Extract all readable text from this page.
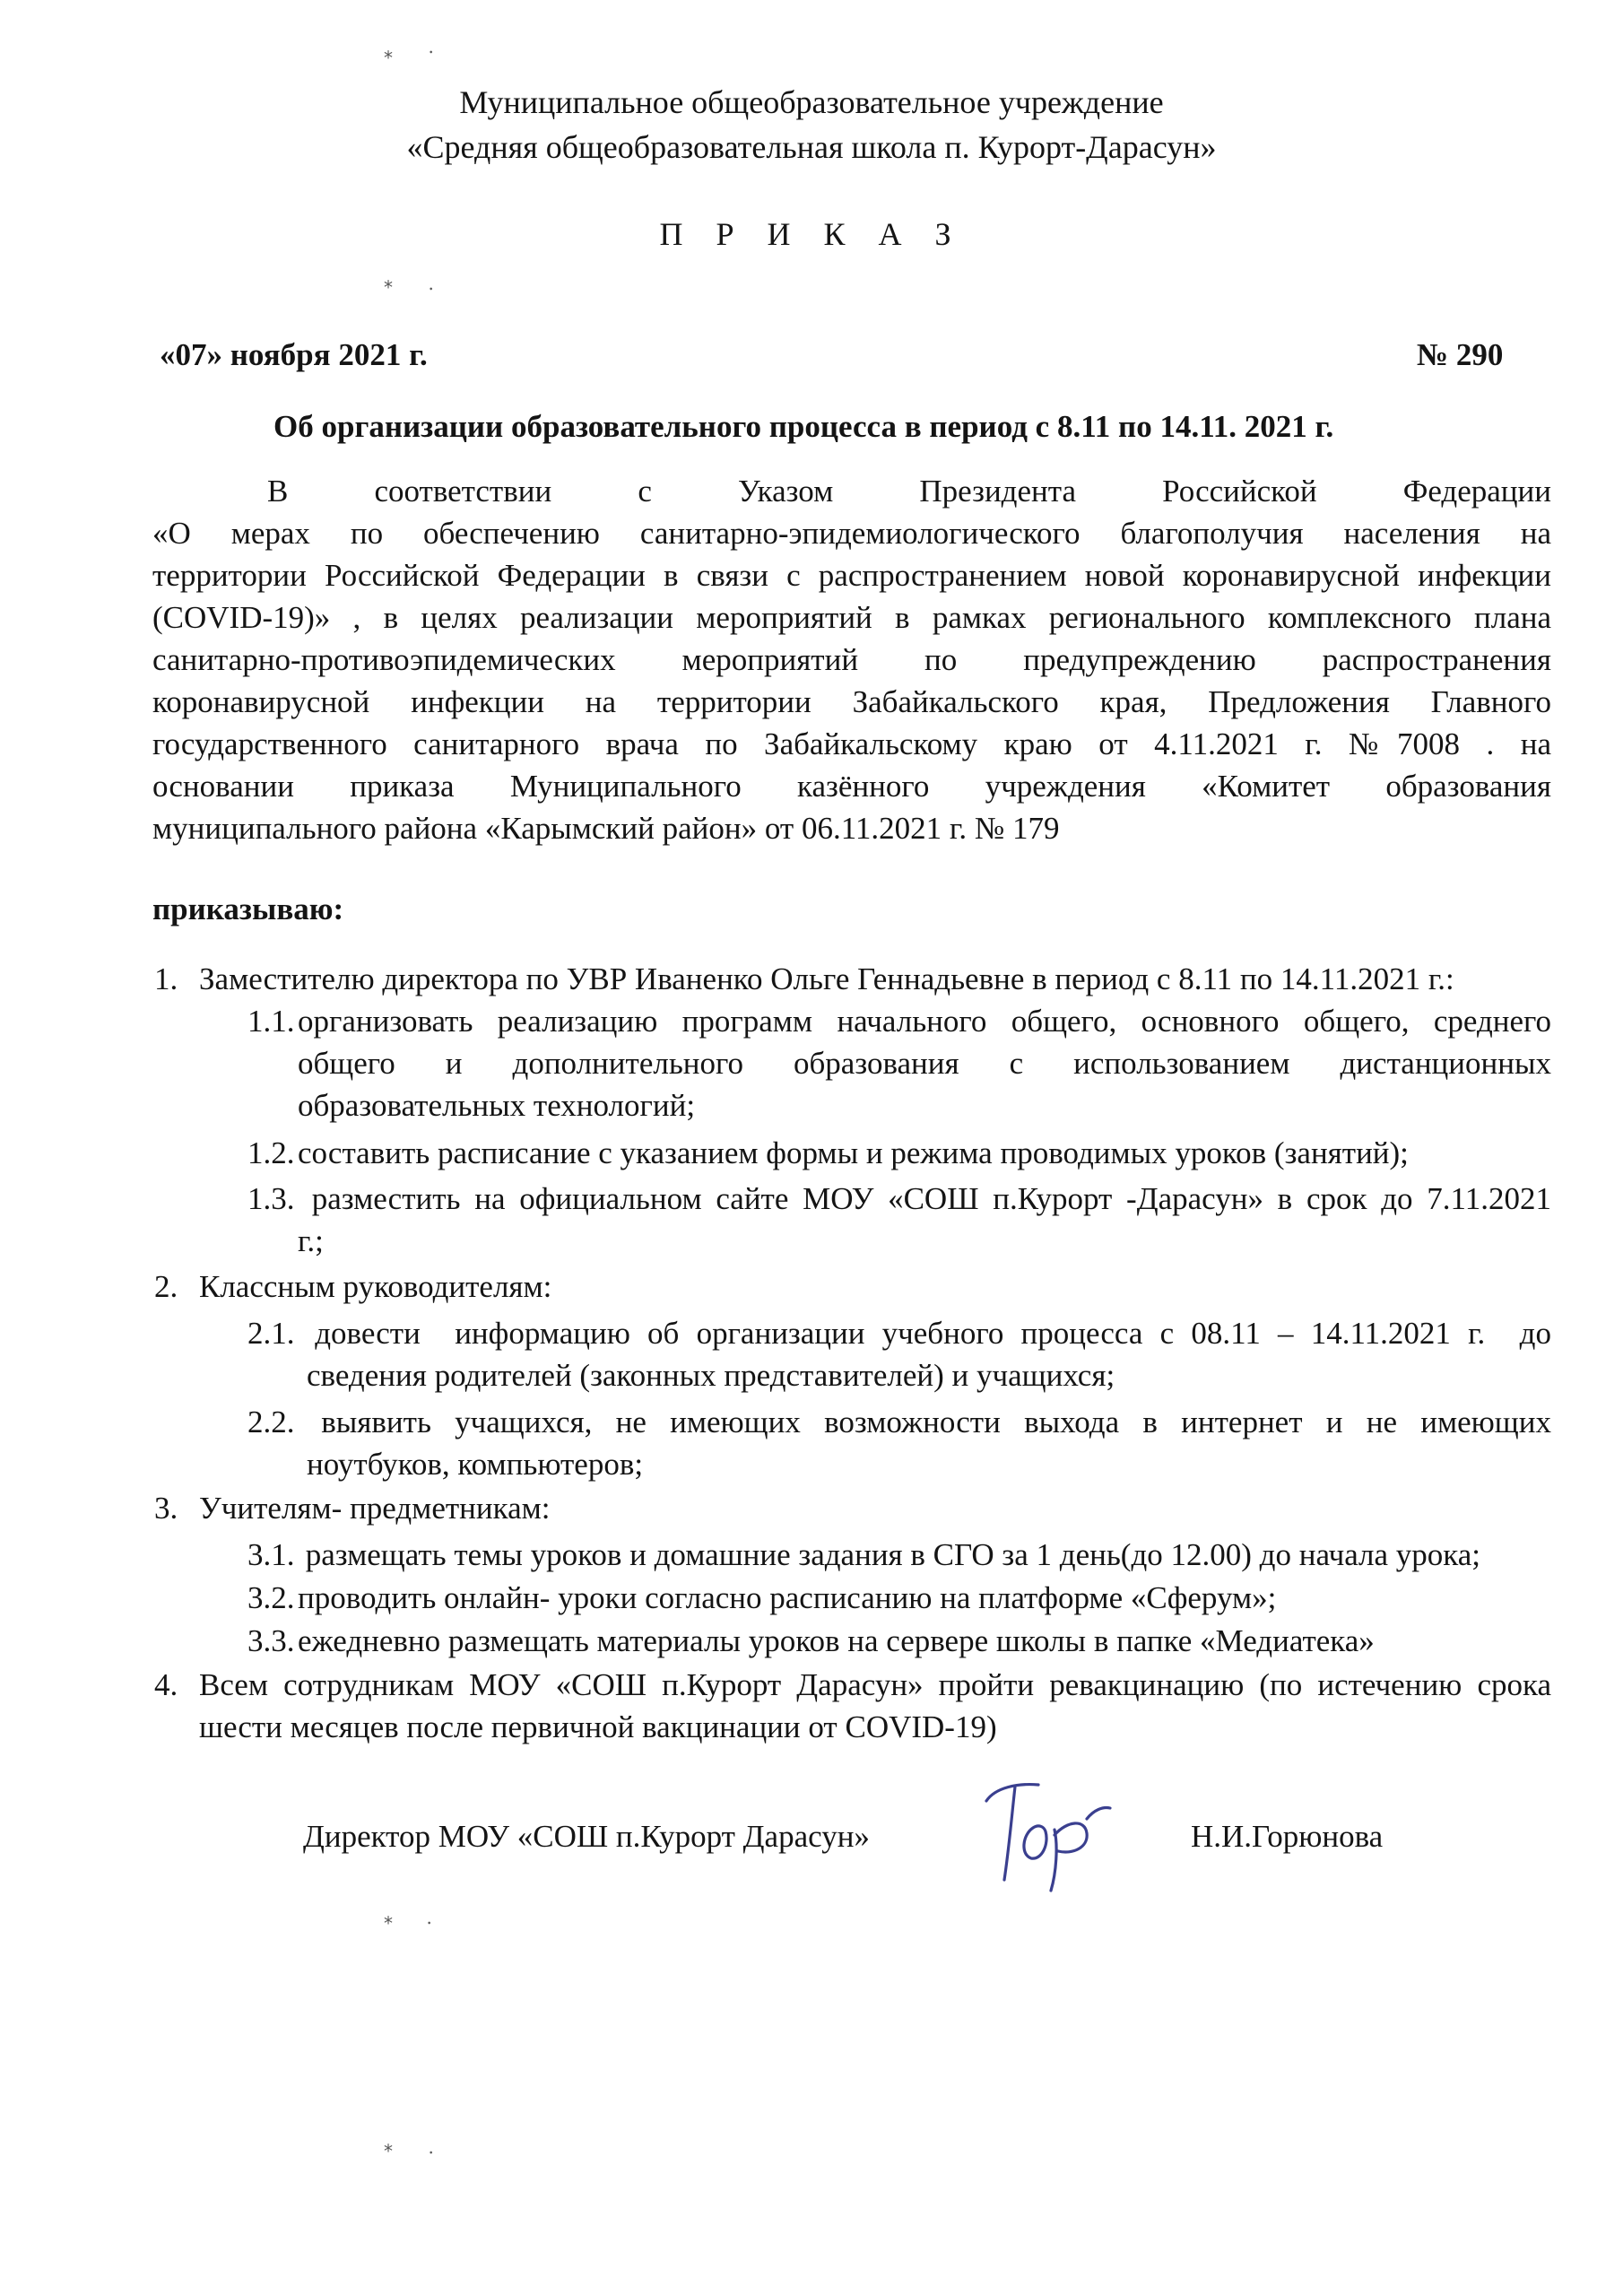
⁎ ⸱
⁎ ⸱
⁎ ⸱
⁎ ⸱
Муниципальное общеобразовательное учреждение
«Средняя общеобразовательная школа п. Курорт-Дарасун»
П Р И К А З
«07» ноября 2021 г.	№ 290
Об организации образовательного процесса в период с 8.11 по 14.11. 2021 г.
В соответствии с Указом Президента Российской Федерации
«О мерах по обеспечению санитарно-эпидемиологического благополучия населения на
территории Российской Федерации в связи с распространением новой коронавирусной инфекции
(COVID-19)» , в целях реализации мероприятий в рамках регионального комплексного плана
санитарно-противоэпидемических мероприятий по предупреждению распространения
коронавирусной инфекции на территории Забайкальского края, Предложения Главного
государственного санитарного врача по Забайкальскому краю от 4.11.2021 г. №7008 . на
основании приказа Муниципального казённого учреждения «Комитет образования
муниципального района «Карымский район» от 06.11.2021 г. № 179
приказываю:
1. Заместителю директора по УВР Иваненко Ольге Геннадьевне в период с 8.11 по 14.11.2021 г.:
1.1. организовать реализацию программ начального общего, основного общего, среднего
общего и дополнительного образования с использованием дистанционных
образовательных технологий;
1.2. составить расписание с указанием формы и режима проводимых уроков (занятий);
1.3. разместить на официальном сайте МОУ «СОШ п.Курорт -Дарасун» в срок до 7.11.2021
г.;
2. Классным руководителям:
2.1. довести  информацию об организации учебного процесса с 08.11 – 14.11.2021 г.  до
сведения родителей (законных представителей) и учащихся;
2.2. выявить учащихся, не имеющих возможности выхода в интернет и не имеющих
ноутбуков, компьютеров;
3. Учителям- предметникам:
3.1. размещать темы уроков и домашние задания в СГО за 1 день(до 12.00) до начала урока;
3.2. проводить онлайн- уроки согласно расписанию на платформе «Сферум»;
3.3. ежедневно размещать материалы уроков на сервере школы в папке «Медиатека»
4. Всем сотрудникам МОУ «СОШ п.Курорт Дарасун» пройти ревакцинацию (по истечению срока
шести месяцев после первичной вакцинации от COVID-19)
Директор МОУ «СОШ п.Курорт Дарасун»	Н.И.Горюнова
